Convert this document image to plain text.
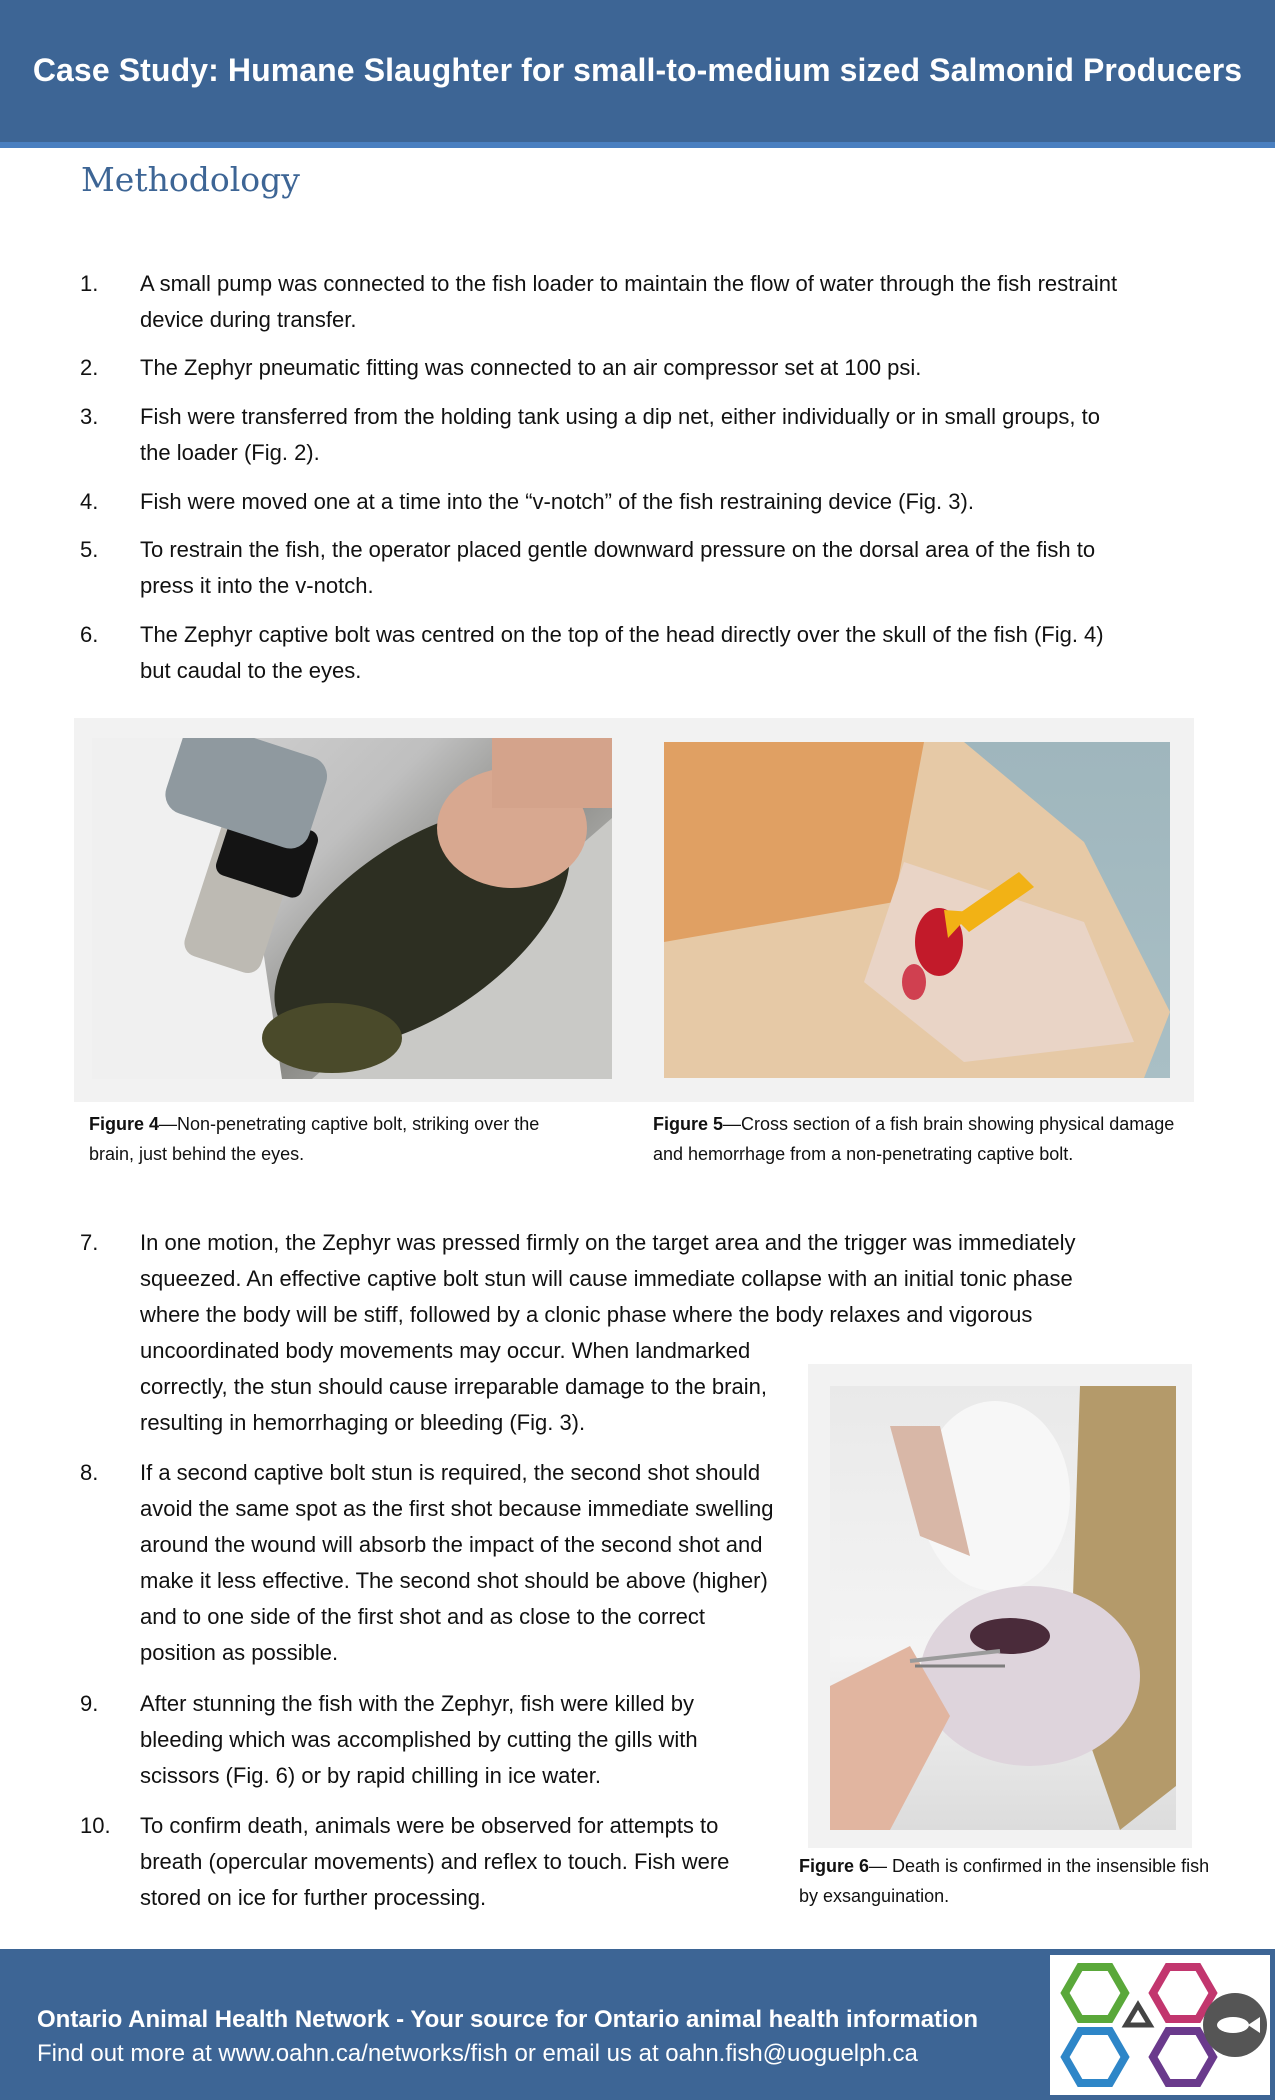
Case Study: Humane Slaughter for small-to-medium sized Salmonid Producers
Methodology
1. A small pump was connected to the fish loader to maintain the flow of water through the fish restraint
device during transfer.
2. The Zephyr pneumatic fitting was connected to an air compressor set at 100 psi.
3. Fish were transferred from the holding tank using a dip net, either individually or in small groups, to
the loader (Fig. 2).
4. Fish were moved one at a time into the “v-notch” of the fish restraining device (Fig. 3).
5. To restrain the fish, the operator placed gentle downward pressure on the dorsal area of the fish to
press it into the v-notch.
6. The Zephyr captive bolt was centred on the top of the head directly over the skull of the fish (Fig. 4)
but caudal to the eyes.
7. In one motion, the Zephyr was pressed firmly on the target area and the trigger was immediately
squeezed. An effective captive bolt stun will cause immediate collapse with an initial tonic phase
where the body will be stiff, followed by a clonic phase where the body relaxes and vigorous
uncoordinated body movements may occur. When landmarked
correctly, the stun should cause irreparable damage to the brain,
resulting in hemorrhaging or bleeding (Fig. 3).
8. If a second captive bolt stun is required, the second shot should
avoid the same spot as the first shot because immediate swelling
around the wound will absorb the impact of the second shot and
make it less effective. The second shot should be above (higher)
and to one side of the first shot and as close to the correct
position as possible.
9. After stunning the fish with the Zephyr, fish were killed by
bleeding which was accomplished by cutting the gills with
scissors (Fig. 6) or by rapid chilling in ice water.
10. To confirm death, animals were be observed for attempts to
breath (opercular movements) and reflex to touch. Fish were
stored on ice for further processing.
Figure 4—Non-penetrating captive bolt, striking over the
brain, just behind the eyes.
Figure 5—Cross section of a fish brain showing physical damage
and hemorrhage from a non-penetrating captive bolt.
Figure 6— Death is confirmed in the insensible fish
by exsanguination.
Ontario Animal Health Network - Your source for Ontario animal health information
Find out more at www.oahn.ca/networks/fish or email us at oahn.fish@uoguelph.ca
